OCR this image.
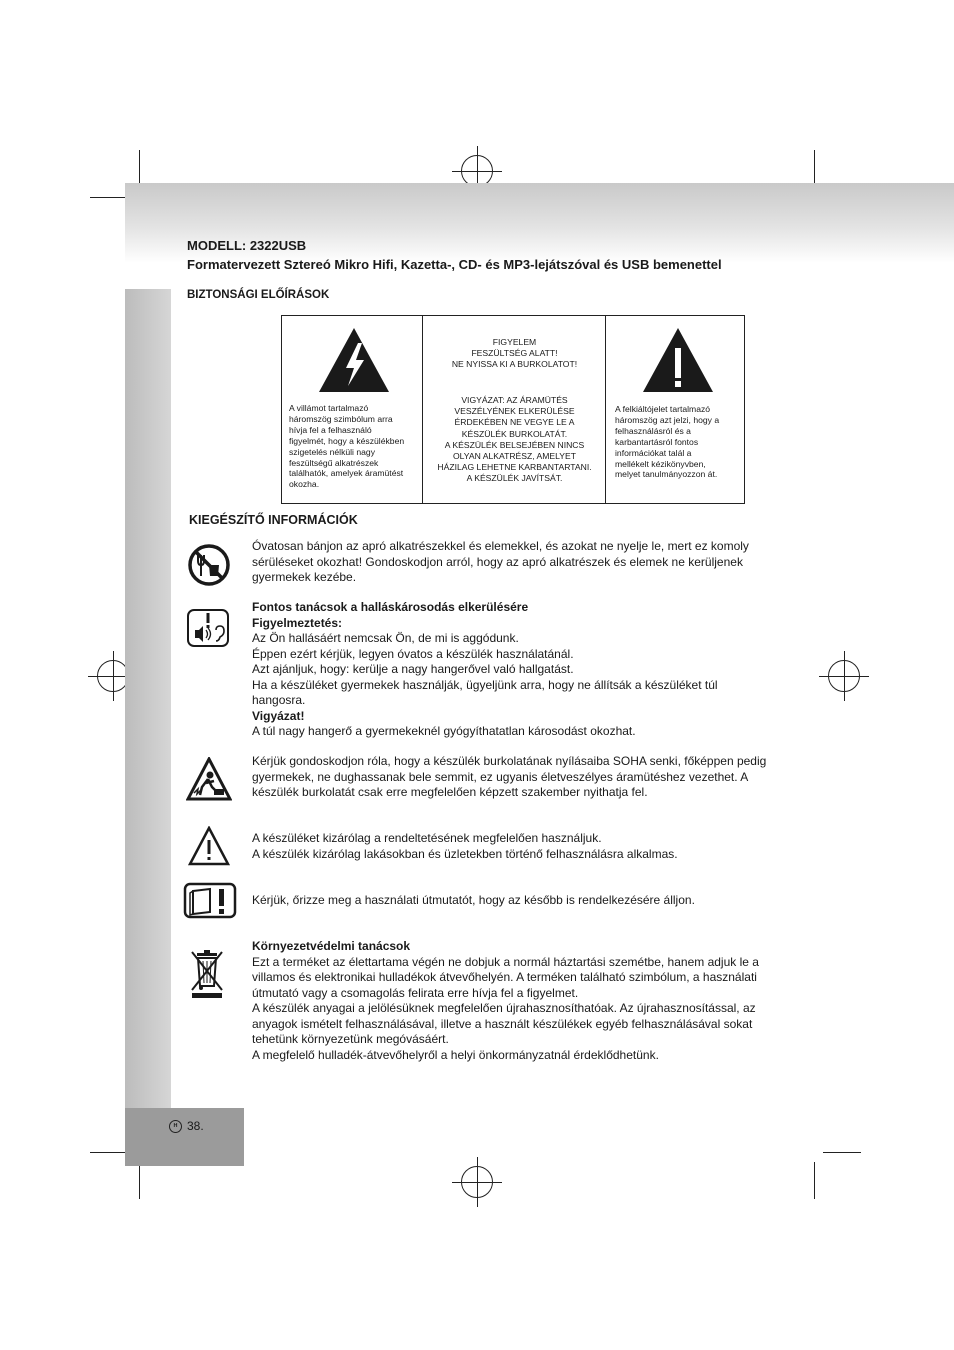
MODELL: 2322USB
Formatervezett Sztereó Mikro Hifi, Kazetta-, CD- és MP3-lejátszóval és USB bemenettel
BIZTONSÁGI ELŐÍRÁSOK
A villámot tartalmazó
háromszög szimbólum arra
hívja fel a felhasználó
figyelmét, hogy a készülékben
szigetelés nélküli nagy
feszültségű alkatrészek
találhatók, amelyek áramütést
okozha.
FIGYELEM
FESZÜLTSÉG ALATT!
NE NYISSA KI A BURKOLATOT!
VIGYÁZAT: AZ ÁRAMÜTÉS
VESZÉLYÉNEK ELKERÜLÉSE
ÉRDEKÉBEN NE VEGYE LE A
KÉSZÜLÉK BURKOLATÁT.
A KÉSZÜLÉK BELSEJÉBEN NINCS
OLYAN ALKATRÉSZ, AMELYET
HÁZILAG LEHETNE KARBANTARTANI.
A KÉSZÜLÉK JAVÍTSÁT.
A felkiáltójelet tartalmazó
háromszög azt jelzi, hogy a
felhasználásról és a
karbantartásról fontos
információkat talál a
mellékelt kézikönyvben,
melyet tanulmányozzon át.
KIEGÉSZÍTŐ INFORMÁCIÓK
Óvatosan bánjon az apró alkatrészekkel és elemekkel, és azokat ne nyelje le, mert ez komoly
sérüléseket okozhat! Gondoskodjon arról, hogy az apró alkatrészek és elemek ne kerüljenek
gyermekek kezébe.
Fontos tanácsok a halláskárosodás elkerülésére
Figyelmeztetés:
Az Ön hallásáért nemcsak Ön, de mi is aggódunk.
Éppen ezért kérjük, legyen óvatos a készülék használatánál.
Azt ajánljuk, hogy: kerülje a nagy hangerővel való hallgatást.
Ha a készüléket gyermekek használják, ügyeljünk arra, hogy ne állítsák a készüléket túl
hangosra.
Vigyázat!
A túl nagy hangerő a gyermekeknél gyógyíthatatlan károsodást okozhat.
Kérjük gondoskodjon róla, hogy a készülék burkolatának nyílásaiba SOHA senki, főképpen pedig
gyermekek, ne dughassanak bele semmit, ez ugyanis életveszélyes áramütéshez vezethet. A
készülék burkolatát csak erre megfelelően képzett szakember nyithatja fel.
A készüléket kizárólag a rendeltetésének megfelelően használjuk.
A készülék kizárólag lakásokban és üzletekben történő felhasználásra alkalmas.
Kérjük, őrizze meg a használati útmutatót, hogy az később is rendelkezésére álljon.
Környezetvédelmi tanácsok
Ezt a terméket az élettartama végén ne dobjuk a normál háztartási szemétbe, hanem adjuk le a
villamos és elektronikai hulladékok átvevőhelyén. A terméken található szimbólum, a használati
útmutató vagy a csomagolás felirata erre hívja fel a figyelmet.
A készülék anyagai a jelölésüknek megfelelően újrahasznosíthatóak. Az újrahasznosítással, az
anyagok ismételt felhasználásával, illetve a használt készülékek egyéb felhasználásával sokat
tehetünk környezetünk megóvásáért.
A megfelelő hulladék-átvevőhelyről a helyi önkormányzatnál érdeklődhetünk.
H 38.
